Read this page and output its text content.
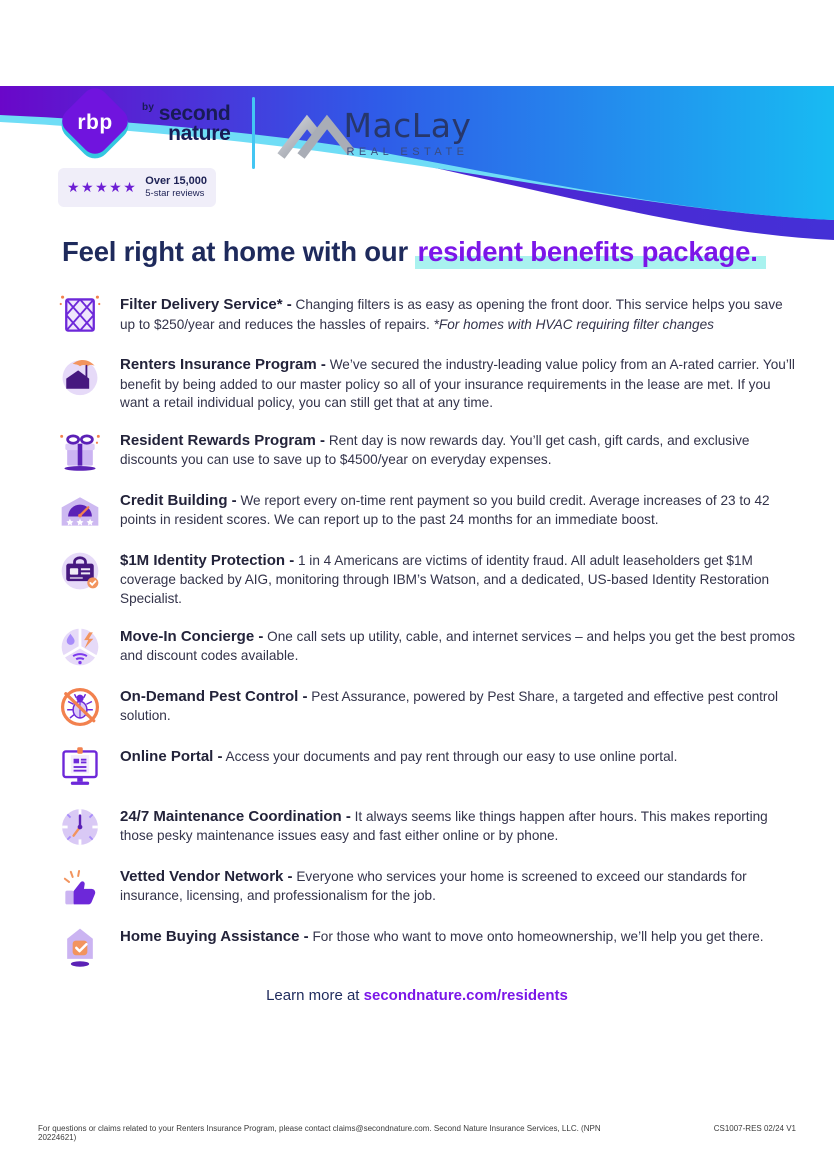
rbp
$^{by}$ second
nature
★★★★★ Over 15,000
5-star reviews
MacLay
REAL ESTATE
Feel right at home with our resident benefits package.

Filter Delivery Service* - Changing filters is as easy as opening the front door. This service helps you save up to $250/year and reduces the hassles of repairs. *For homes with HVAC requiring filter changes

Renters Insurance Program - We’ve secured the industry-leading value policy from an A-rated carrier. You’ll benefit by being added to our master policy so all of your insurance requirements in the lease are met. If you want a retail individual policy, you can still get that at any time.

Resident Rewards Program - Rent day is now rewards day. You’ll get cash, gift cards, and exclusive discounts you can use to save up to $4500/year on everyday expenses.

Credit Building - We report every on-time rent payment so you build credit. Average increases of 23 to 42 points in resident scores. We can report up to the past 24 months for an immediate boost.

$1M Identity Protection - 1 in 4 Americans are victims of identity fraud. All adult leaseholders get $1M coverage backed by AIG, monitoring through IBM’s Watson, and a dedicated, US-based Identity Restoration Specialist.

Move-In Concierge - One call sets up utility, cable, and internet services – and helps you get the best promos and discount codes available.

On-Demand Pest Control - Pest Assurance, powered by Pest Share, a targeted and effective pest control solution.

Online Portal - Access your documents and pay rent through our easy to use online portal.

24/7 Maintenance Coordination - It always seems like things happen after hours. This makes reporting those pesky maintenance issues easy and fast either online or by phone.

Vetted Vendor Network - Everyone who services your home is screened to exceed our standards for insurance, licensing, and professionalism for the job.

Home Buying Assistance - For those who want to move onto homeownership, we’ll help you get there.

Learn more at secondnature.com/residents
For questions or claims related to your Renters Insurance Program, please contact claims@secondnature.com. Second Nature Insurance Services, LLC. (NPN 20224621)
CS1007-RES 02/24 V1
